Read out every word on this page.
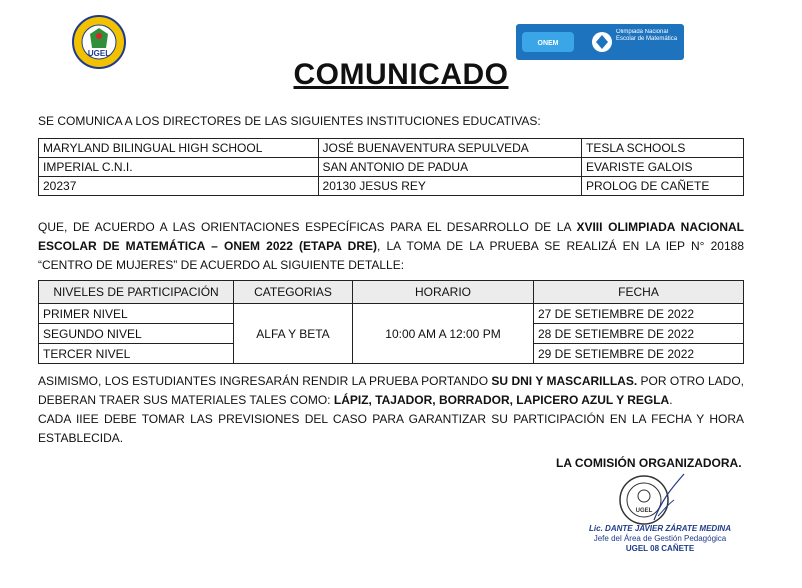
UGEL
ONEM
Olimpiada Nacional Escolar de Matemática
COMUNICADO
SE COMUNICA A LOS DIRECTORES DE LAS SIGUIENTES INSTITUCIONES EDUCATIVAS:
MARYLAND BILINGUAL HIGH SCHOOL	JOSÉ BUENAVENTURA SEPULVEDA	TESLA SCHOOLS
IMPERIAL C.N.I.	SAN ANTONIO DE PADUA	EVARISTE GALOIS
20237	20130 JESUS REY	PROLOG DE CAÑETE
QUE, DE ACUERDO A LAS ORIENTACIONES ESPECÍFICAS PARA EL DESARROLLO DE LA XVIII OLIMPIADA NACIONAL ESCOLAR DE MATEMÁTICA – ONEM 2022 (ETAPA DRE), LA TOMA DE LA PRUEBA SE REALIZÁ EN LA IEP N° 20188 “CENTRO DE MUJERES” DE ACUERDO AL SIGUIENTE DETALLE:
NIVELES DE PARTICIPACIÓN	CATEGORIAS	HORARIO	FECHA
PRIMER NIVEL	ALFA Y BETA	10:00 AM A 12:00 PM	27 DE SETIEMBRE DE 2022
SEGUNDO NIVEL			28 DE SETIEMBRE DE 2022
TERCER NIVEL			29 DE SETIEMBRE DE 2022
ASIMISMO, LOS ESTUDIANTES INGRESARÁN RENDIR LA PRUEBA PORTANDO SU DNI Y MASCARILLAS. POR OTRO LADO, DEBERAN TRAER SUS MATERIALES TALES COMO: LÁPIZ, TAJADOR, BORRADOR, LAPICERO AZUL Y REGLA.
CADA IIEE DEBE TOMAR LAS PREVISIONES DEL CASO PARA GARANTIZAR SU PARTICIPACIÓN EN LA FECHA Y HORA ESTABLECIDA.
LA COMISIÓN ORGANIZADORA.
UGEL
Lic. DANTE JAVIER ZÁRATE MEDINA
Jefe del Área de Gestión Pedagógica
UGEL 08 CAÑETE
